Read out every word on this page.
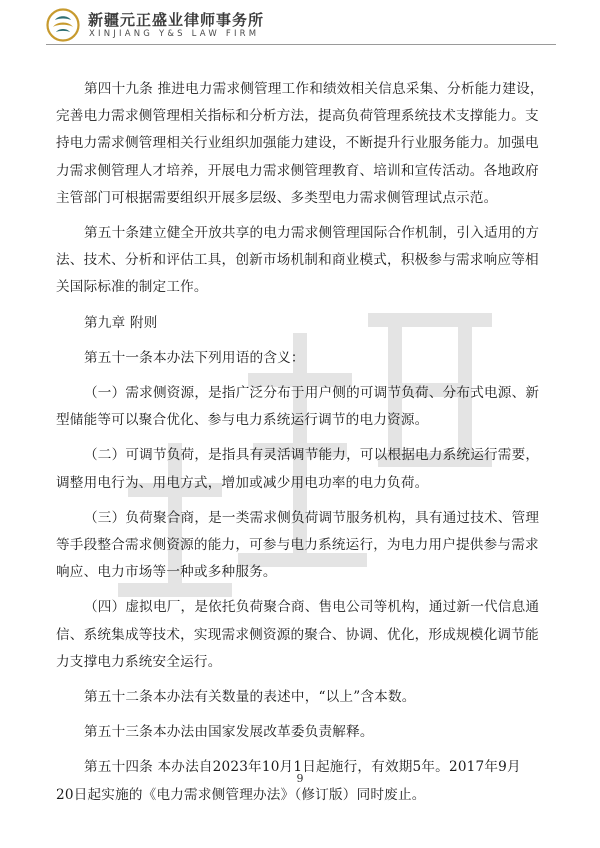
新疆元正盛业律师事务所
XINJIANG Y&S LAW FIRM

第四十九条 推进电力需求侧管理工作和绩效相关信息采集、分析能力建设，
完善电力需求侧管理相关指标和分析方法，提高负荷管理系统技术支撑能力。支
持电力需求侧管理相关行业组织加强能力建设，不断提升行业服务能力。加强电
力需求侧管理人才培养，开展电力需求侧管理教育、培训和宣传活动。各地政府
主管部门可根据需要组织开展多层级、多类型电力需求侧管理试点示范。

第五十条建立健全开放共享的电力需求侧管理国际合作机制，引入适用的方
法、技术、分析和评估工具，创新市场机制和商业模式，积极参与需求响应等相
关国际标准的制定工作。

第九章 附则

第五十一条本办法下列用语的含义：

（一）需求侧资源，是指广泛分布于用户侧的可调节负荷、分布式电源、新
型储能等可以聚合优化、参与电力系统运行调节的电力资源。

（二）可调节负荷，是指具有灵活调节能力，可以根据电力系统运行需要，
调整用电行为、用电方式，增加或减少用电功率的电力负荷。

（三）负荷聚合商，是一类需求侧负荷调节服务机构，具有通过技术、管理
等手段整合需求侧资源的能力，可参与电力系统运行，为电力用户提供参与需求
响应、电力市场等一种或多种服务。

（四）虚拟电厂，是依托负荷聚合商、售电公司等机构，通过新一代信息通
信、系统集成等技术，实现需求侧资源的聚合、协调、优化，形成规模化调节能
力支撑电力系统安全运行。

第五十二条本办法有关数量的表述中，“以上”含本数。

第五十三条本办法由国家发展改革委负责解释。

第五十四条 本办法自2023年10月1日起施行，有效期5年。2017年9月
20日起实施的《电力需求侧管理办法》（修订版）同时废止。

9
